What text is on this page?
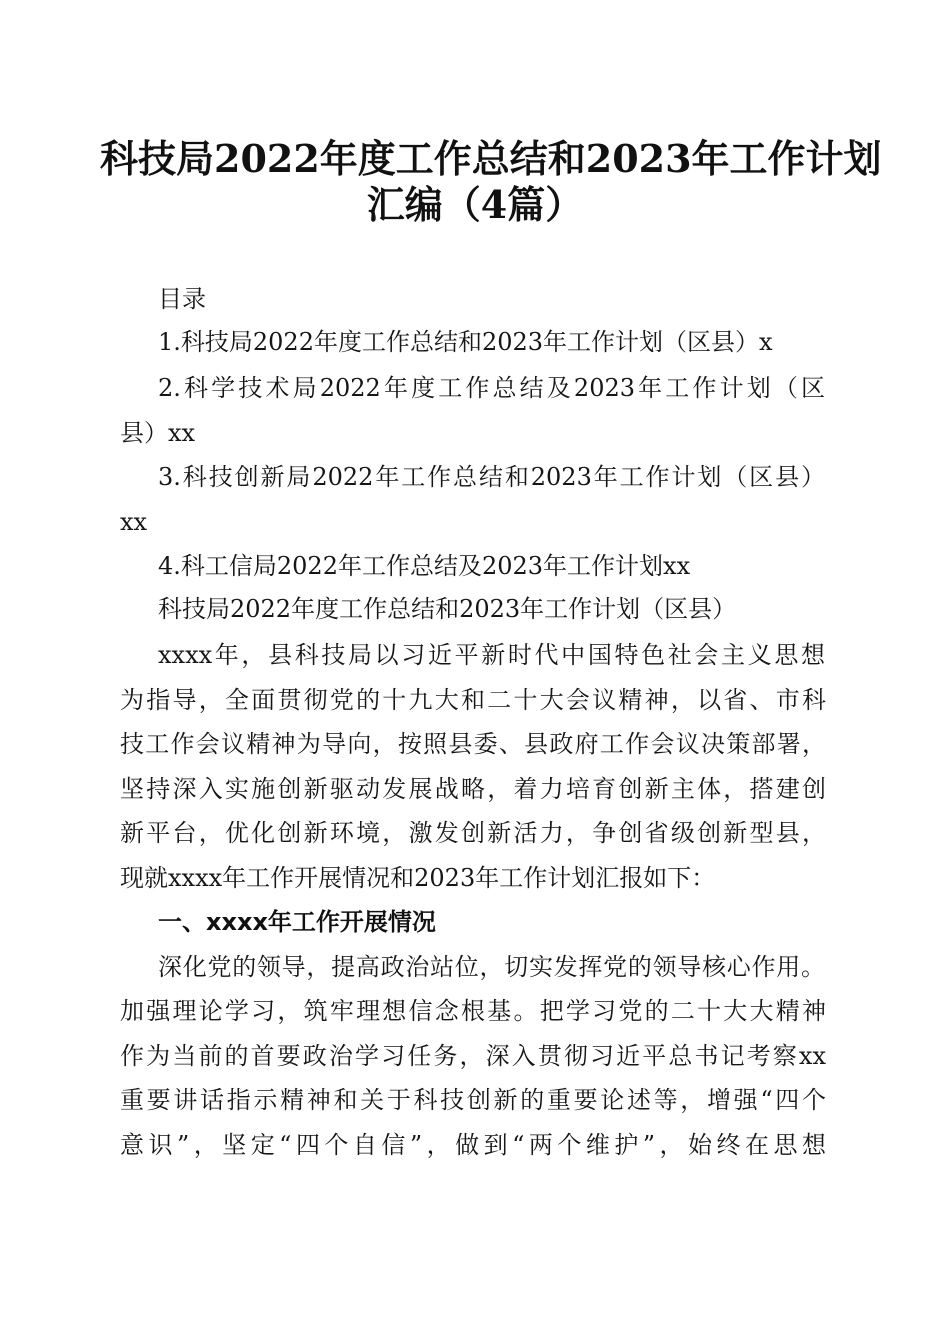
科技局2022年度工作总结和2023年工作计划
汇编（4篇）
目录
1.科技局2022年度工作总结和2023年工作计划（区县）x
2.科学技术局2022年度工作总结及2023年工作计划（区
县）xx
3.科技创新局2022年工作总结和2023年工作计划（区县）
xx
4.科工信局2022年工作总结及2023年工作计划xx
科技局2022年度工作总结和2023年工作计划（区县）
xxxx年，县科技局以习近平新时代中国特色社会主义思想
为指导，全面贯彻党的十九大和二十大会议精神，以省、市科
技工作会议精神为导向，按照县委、县政府工作会议决策部署，
坚持深入实施创新驱动发展战略，着力培育创新主体，搭建创
新平台，优化创新环境，激发创新活力，争创省级创新型县，
现就xxxx年工作开展情况和2023年工作计划汇报如下：
一、xxxx年工作开展情况
深化党的领导，提高政治站位，切实发挥党的领导核心作用。
加强理论学习，筑牢理想信念根基。把学习党的二十大大精神
作为当前的首要政治学习任务，深入贯彻习近平总书记考察xx
重要讲话指示精神和关于科技创新的重要论述等，增强“四个
意识”，坚定“四个自信”，做到“两个维护”，始终在思想
